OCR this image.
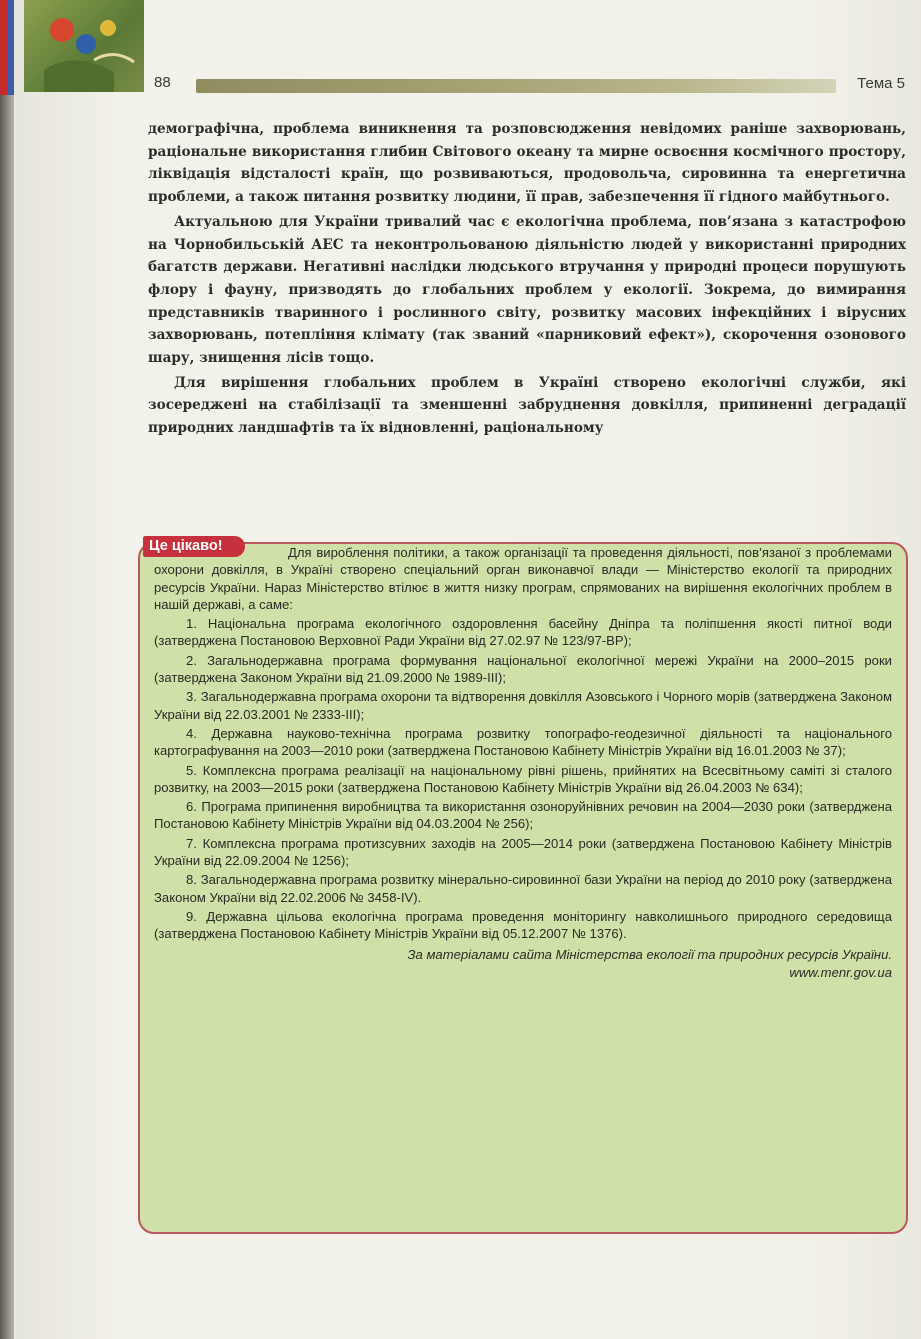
88	Тема 5

демографічна, проблема виникнення та розповсюдження невідомих раніше захворювань, раціональне використання глибин Світового океану та мирне освоєння космічного простору, ліквідація відсталості країн, що розвиваються, продовольча, сировинна та енергетична проблеми, а також питання розвитку людини, її прав, забезпечення її гідного майбутнього.

Актуальною для України тривалий час є екологічна проблема, пов’язана з катастрофою на Чорнобильській АЕС та неконтрольованою діяльністю людей у використанні природних багатств держави. Негативні наслідки людського втручання у природні процеси порушують флору і фауну, призводять до глобальних проблем у екології. Зокрема, до вимирання представників тваринного і рослинного світу, розвитку масових інфекційних і вірусних захворювань, потепління клімату (так званий «парниковий ефект»), скорочення озонового шару, знищення лісів тощо.

Для вирішення глобальних проблем в Україні створено екологічні служби, які зосереджені на стабілізації та зменшенні забруднення довкілля, припиненні деградації природних ландшафтів та їх відновленні, раціональному

Це цікаво!	Для вироблення політики, а також організації та проведення діяльності, пов’язаної з проблемами охорони довкілля, в Україні створено спеціальний орган виконавчої влади — Міністерство екології та природних ресурсів України. Нараз Міністерство втілює в життя низку програм, спрямованих на вирішення екологічних проблем в нашій державі, а саме:

1. Національна програма екологічного оздоровлення басейну Дніпра та поліпшення якості питної води (затверджена Постановою Верховної Ради України від 27.02.97 № 123/97-ВР);

2. Загальнодержавна програма формування національної екологічної мережі України на 2000–2015 роки (затверджена Законом України від 21.09.2000 № 1989-ІІІ);

3. Загальнодержавна програма охорони та відтворення довкілля Азовського і Чорного морів (затверджена Законом України від 22.03.2001 № 2333-ІІІ);

4. Державна науково-технічна програма розвитку топографо-геодезичної діяльності та національного картографування на 2003—2010 роки (затверджена Постановою Кабінету Міністрів України від 16.01.2003 № 37);

5. Комплексна програма реалізації на національному рівні рішень, прийнятих на Всесвітньому саміті зі сталого розвитку, на 2003—2015 роки (затверджена Постановою Кабінету Міністрів України від 26.04.2003 № 634);

6. Програма припинення виробництва та використання озоноруйнівних речовин на 2004—2030 роки (затверджена Постановою Кабінету Міністрів України від 04.03.2004 № 256);

7. Комплексна програма протизсувних заходів на 2005—2014 роки (затверджена Постановою Кабінету Міністрів України від 22.09.2004 № 1256);

8. Загальнодержавна програма розвитку мінерально-сировинної бази України на період до 2010 року (затверджена Законом України від 22.02.2006 № 3458-ІV).

9. Державна цільова екологічна програма проведення моніторингу навколишнього природного середовища (затверджена Постановою Кабінету Міністрів України від 05.12.2007 № 1376).

За матеріалами сайта Міністерства екології та природних ресурсів України.
www.menr.gov.ua
